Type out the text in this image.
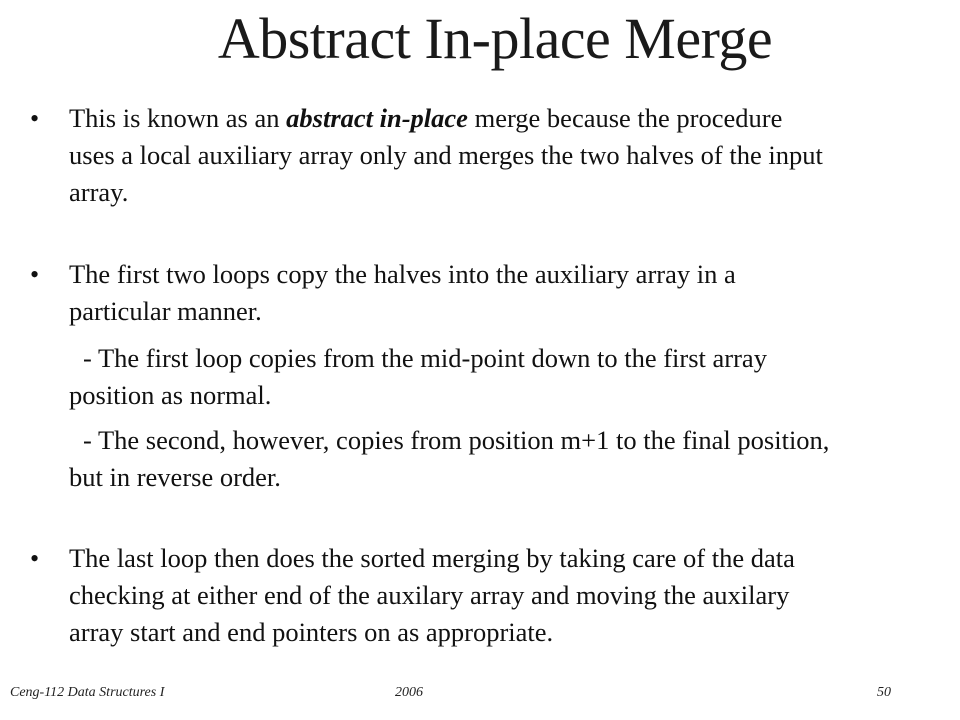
Abstract In-place Merge
• This is known as an abstract in-place merge because the procedure
uses a local auxiliary array only and merges the two halves of the input
array.
• The first two loops copy the halves into the auxiliary array in a
particular manner.
- The first loop copies from the mid-point down to the first array
position as normal.
- The second, however, copies from position m+1 to the final position,
but in reverse order.
• The last loop then does the sorted merging by taking care of the data
checking at either end of the auxilary array and moving the auxilary
array start and end pointers on as appropriate.
Ceng-112 Data Structures I	2006	50
